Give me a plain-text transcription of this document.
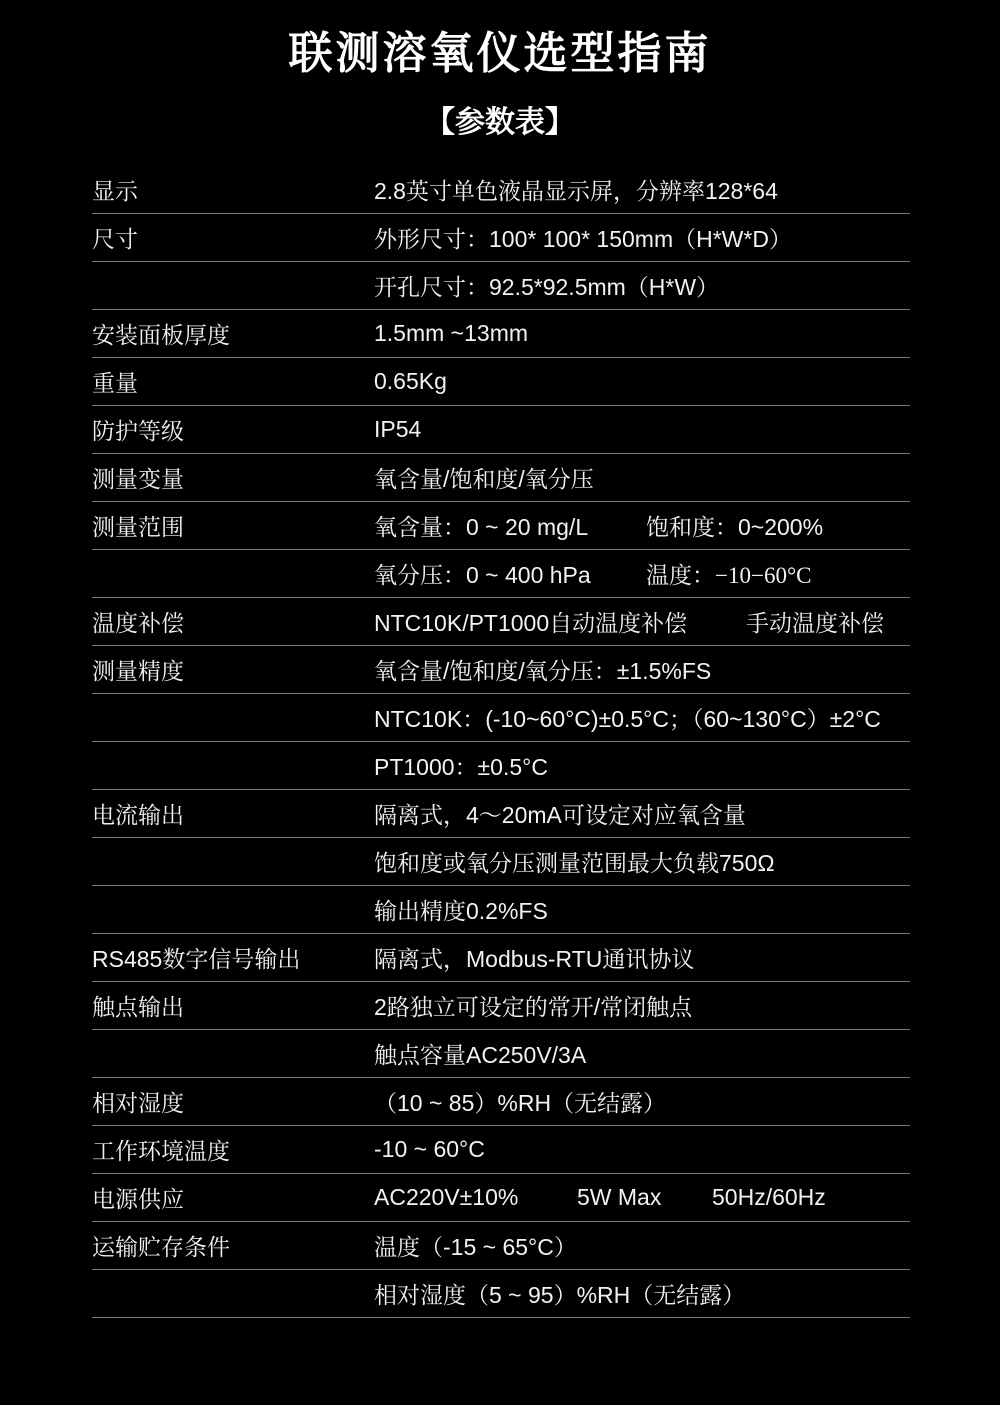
联测溶氧仪选型指南
【参数表】
显示	2.8英寸单色液晶显示屏，分辨率128*64
尺寸	外形尺寸：100* 100* 150mm（H*W*D）
开孔尺寸：92.5*92.5mm（H*W）
安装面板厚度	1.5mm ~13mm
重量	0.65Kg
防护等级	IP54
测量变量	氧含量/饱和度/氧分压
测量范围	氧含量：0 ~ 20 mg/L	饱和度：0~200%
氧分压：0 ~ 400 hPa	温度：−10−60°C
温度补偿	NTC10K/PT1000自动温度补偿	手动温度补偿
测量精度	氧含量/饱和度/氧分压：±1.5%FS
NTC10K：(-10~60°C)±0.5°C；（60~130°C）±2°C
PT1000：±0.5°C
电流输出	隔离式，4～20mA可设定对应氧含量
饱和度或氧分压测量范围最大负载750Ω
输出精度0.2%FS
RS485数字信号输出	隔离式，Modbus-RTU通讯协议
触点输出	2路独立可设定的常开/常闭触点
触点容量AC250V/3A
相对湿度	（10 ~ 85）%RH（无结露）
工作环境温度	-10 ~ 60°C
电源供应	AC220V±10%	5W Max	50Hz/60Hz
运输贮存条件	温度（-15 ~ 65°C）
相对湿度（5 ~ 95）%RH（无结露）
